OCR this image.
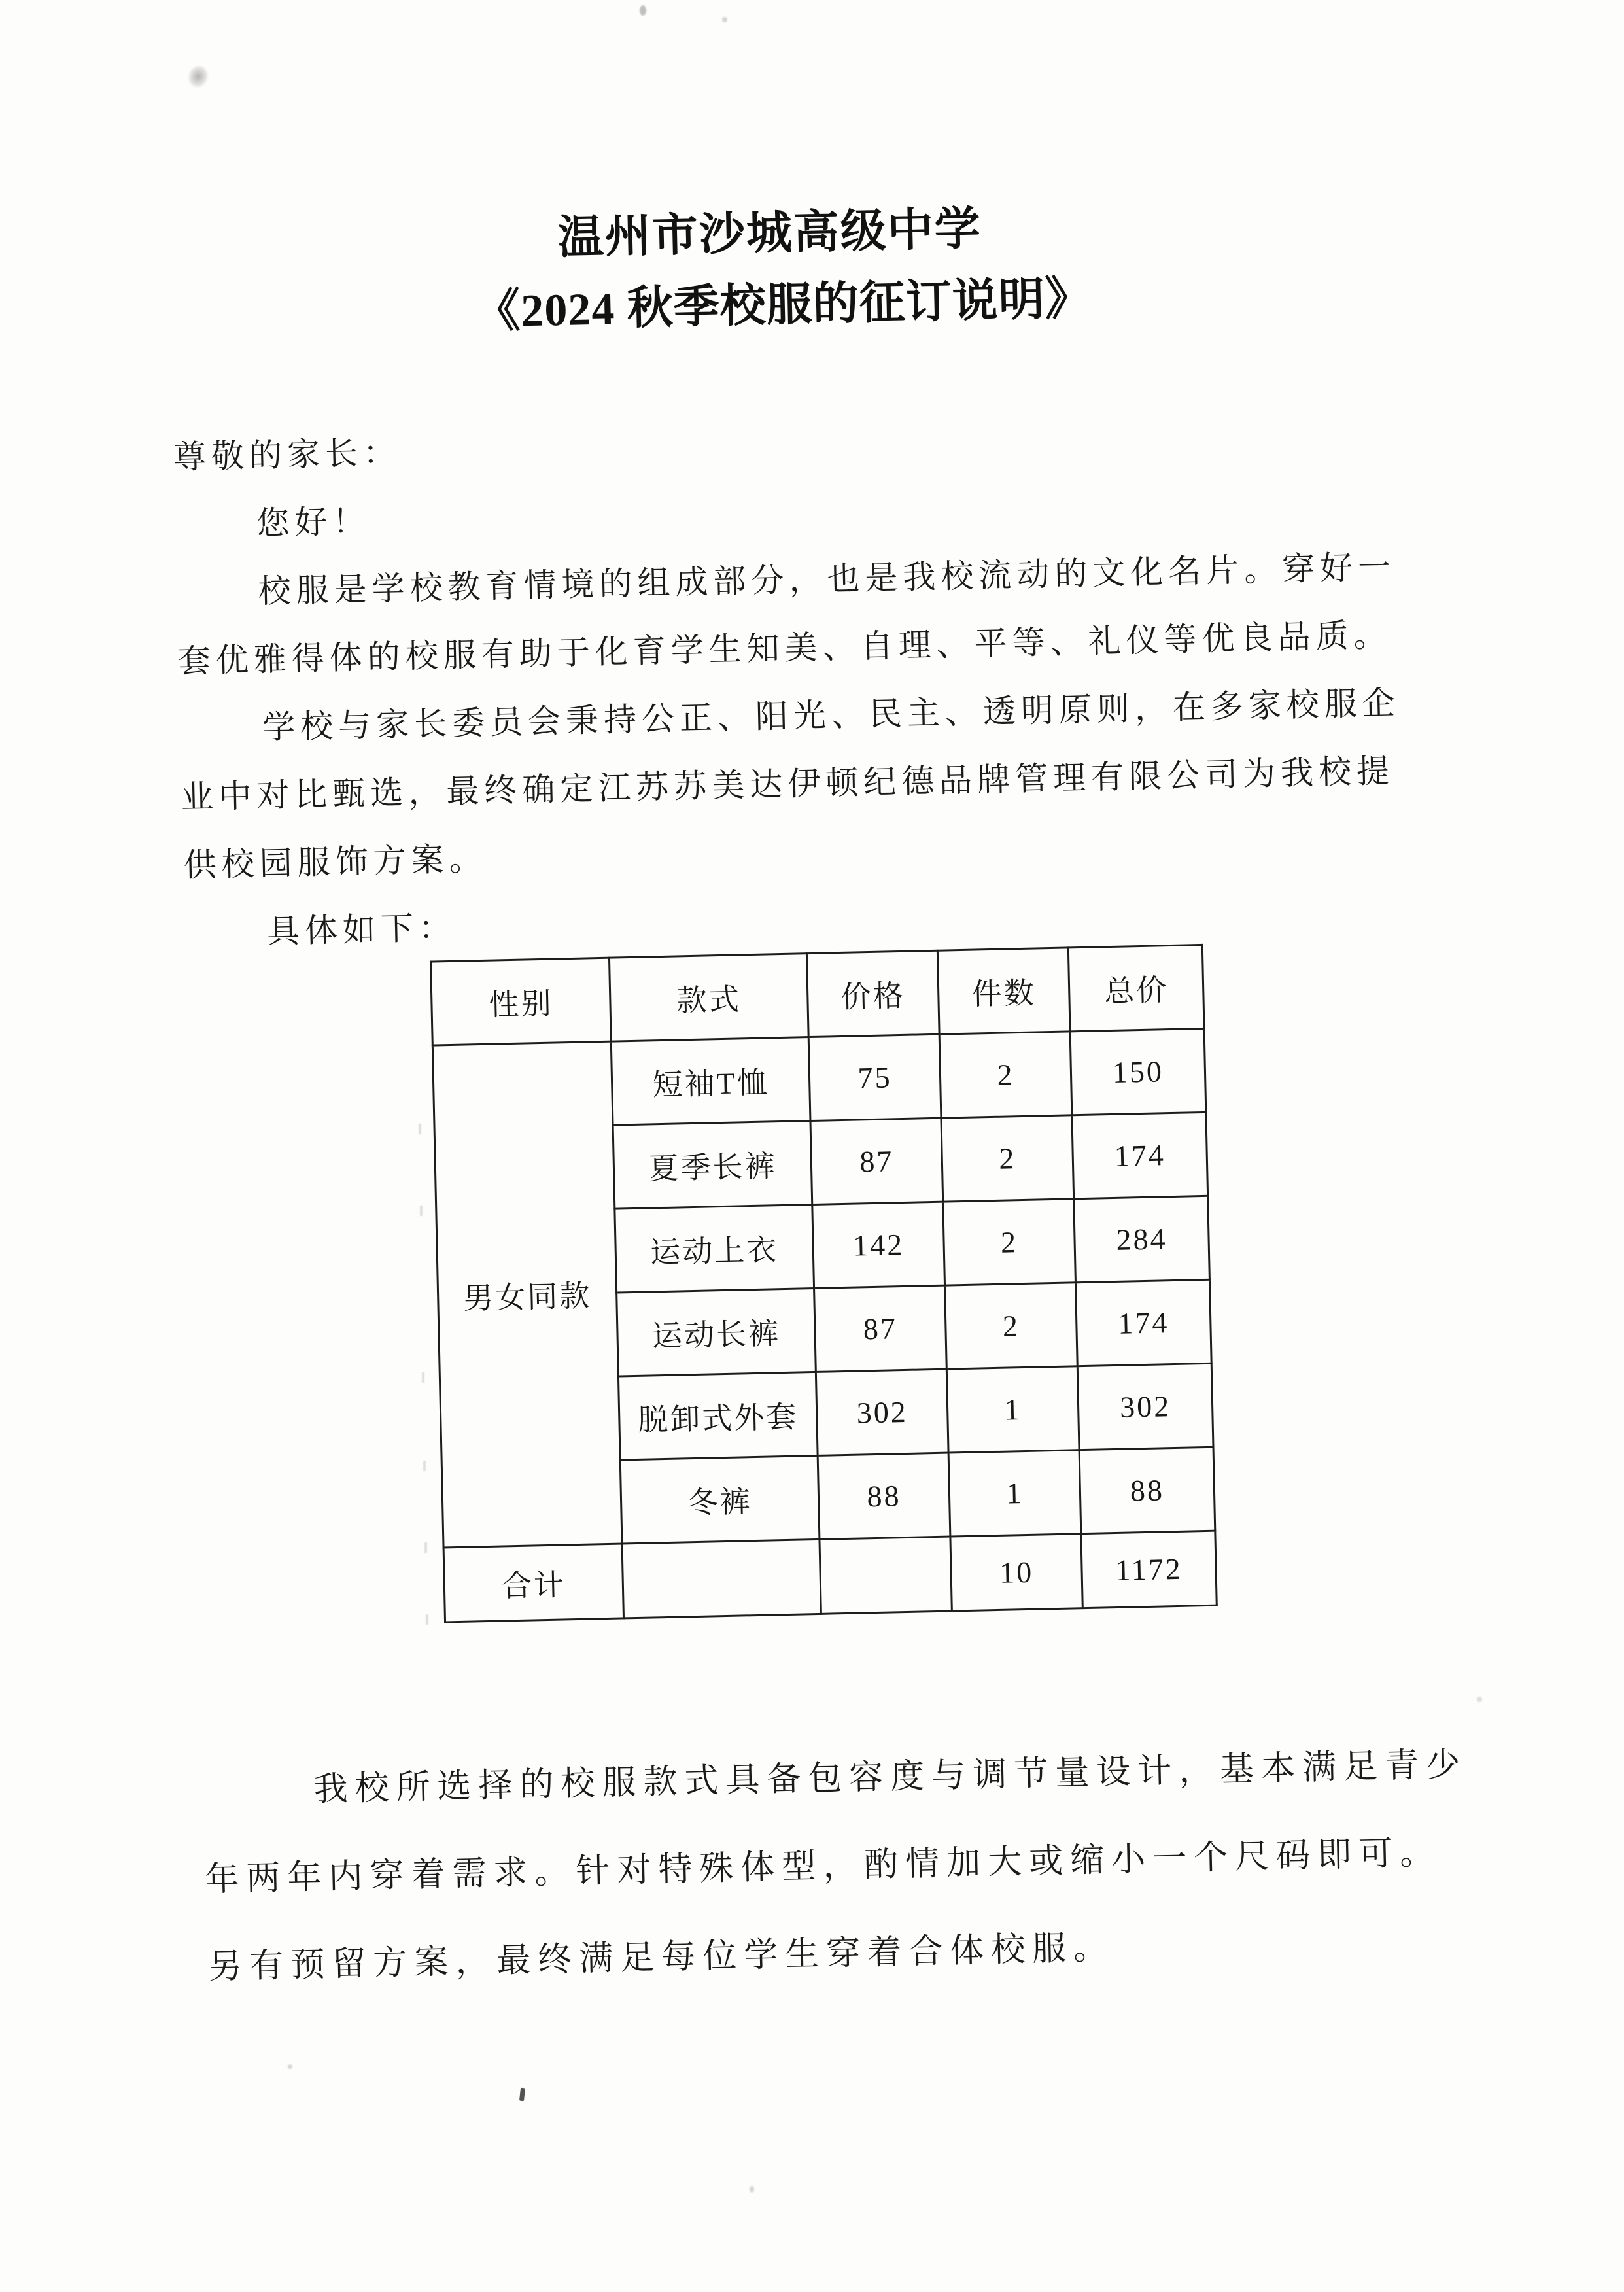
温州市沙城高级中学
《2024 秋季校服的征订说明》
尊敬的家长：
您好！
校服是学校教育情境的组成部分，也是我校流动的文化名片。穿好一
套优雅得体的校服有助于化育学生知美、自理、平等、礼仪等优良品质。
学校与家长委员会秉持公正、阳光、民主、透明原则，在多家校服企
业中对比甄选，最终确定江苏苏美达伊顿纪德品牌管理有限公司为我校提
供校园服饰方案。
具体如下：
性别	款式	价格	件数	总价
男女同款	短袖T恤	75	2	150
	夏季长裤	87	2	174
	运动上衣	142	2	284
	运动长裤	87	2	174
	脱卸式外套	302	1	302
	冬裤	88	1	88
合计			10	1172
我校所选择的校服款式具备包容度与调节量设计，基本满足青少
年两年内穿着需求。针对特殊体型，酌情加大或缩小一个尺码即可。
另有预留方案，最终满足每位学生穿着合体校服。
